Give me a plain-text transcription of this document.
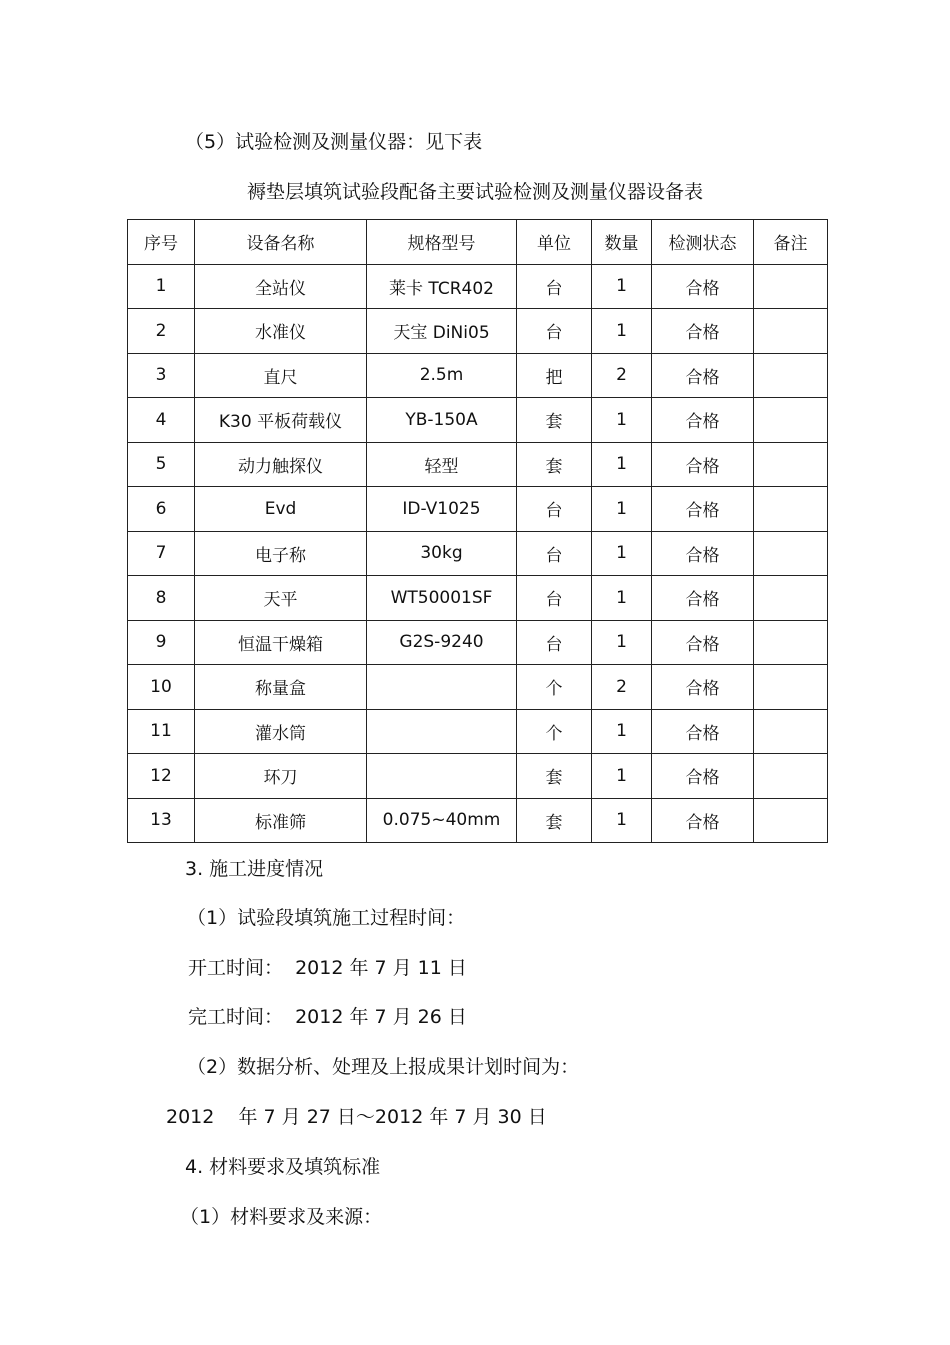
（5）试验检测及测量仪器：见下表
褥垫层填筑试验段配备主要试验检测及测量仪器设备表
序号	设备名称	规格型号	单位	数量	检测状态	备注
1	全站仪	莱卡 TCR402	台	1	合格	
2	水准仪	天宝 DiNi05	台	1	合格	
3	直尺	2.5m	把	2	合格	
4	K30 平板荷载仪	YB-150A	套	1	合格	
5	动力触探仪	轻型	套	1	合格	
6	Evd	ID-V1025	台	1	合格	
7	电子称	30kg	台	1	合格	
8	天平	WT50001SF	台	1	合格	
9	恒温干燥箱	G2S-9240	台	1	合格	
10	称量盒		个	2	合格	
11	灌水筒		个	1	合格	
12	环刀		套	1	合格	
13	标准筛	0.075~40mm	套	1	合格	
3. 施工进度情况
（1）试验段填筑施工过程时间：
开工时间：  2012 年 7 月 11 日
完工时间：  2012 年 7 月 26 日
（2）数据分析、处理及上报成果计划时间为：
2012    年 7 月 27 日～2012 年 7 月 30 日
4. 材料要求及填筑标准
（1）材料要求及来源：
